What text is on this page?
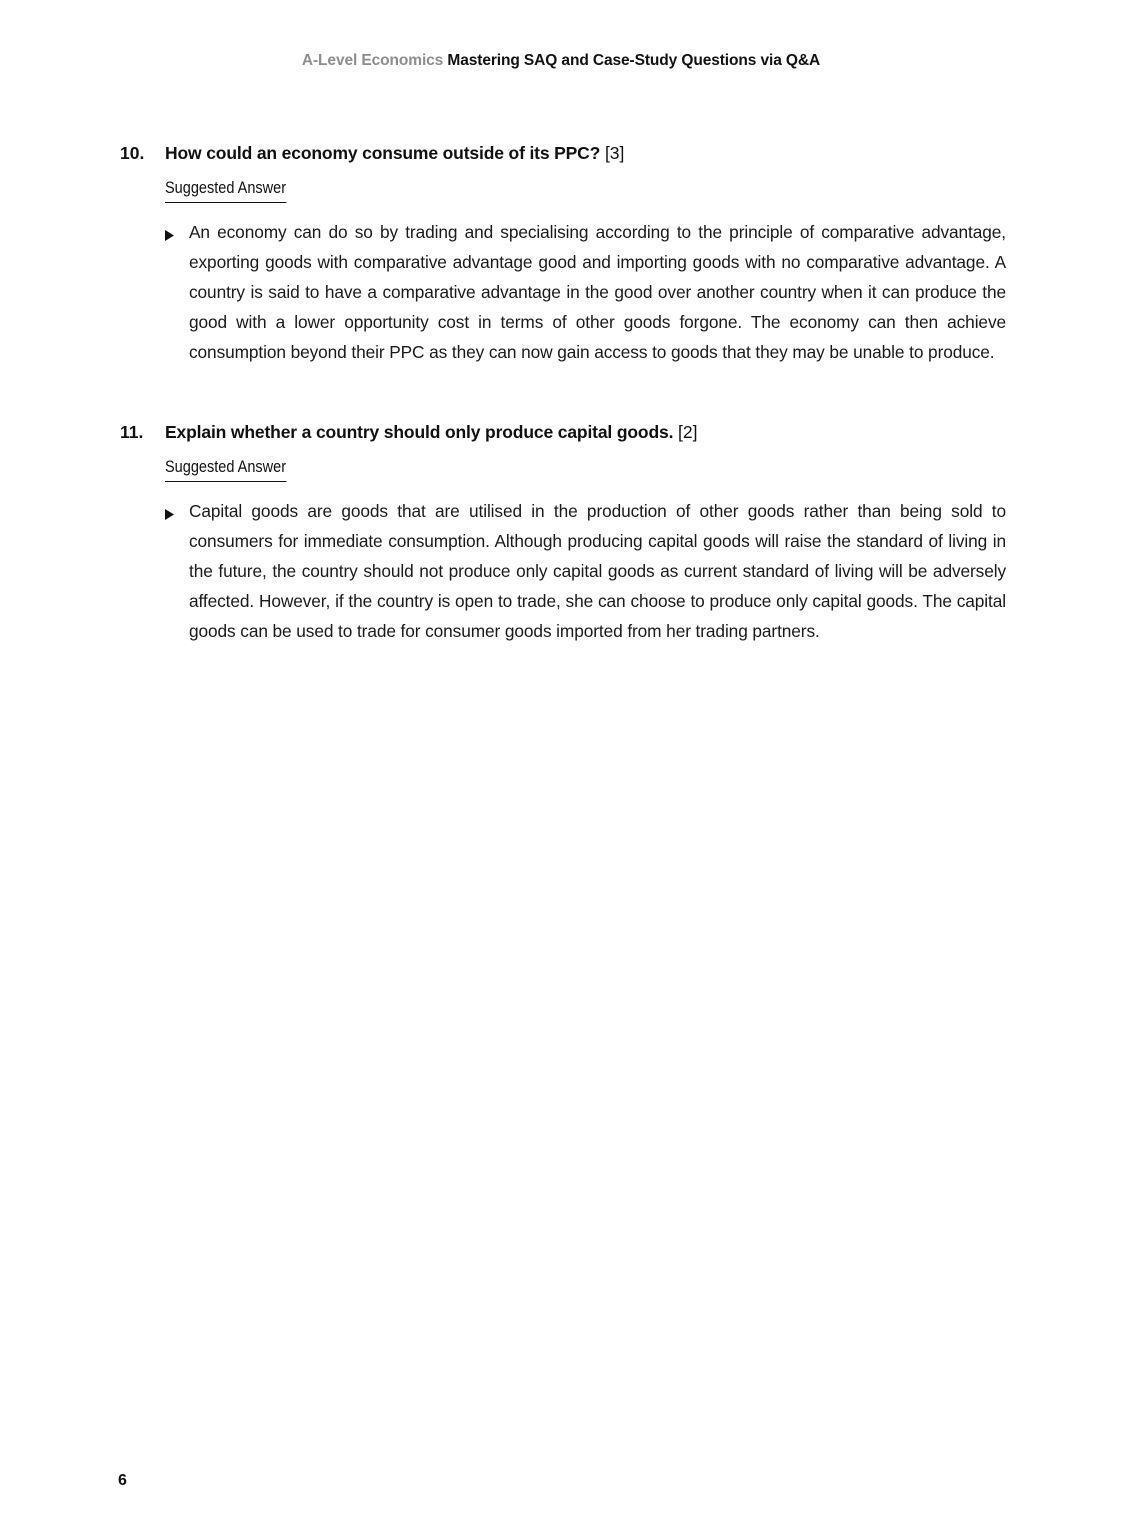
A-Level Economics Mastering SAQ and Case-Study Questions via Q&A
10.	How could an economy consume outside of its PPC? [3]
Suggested Answer
An economy can do so by trading and specialising according to the principle of comparative advantage, exporting goods with comparative advantage good and importing goods with no comparative advantage. A country is said to have a comparative advantage in the good over another country when it can produce the good with a lower opportunity cost in terms of other goods forgone. The economy can then achieve consumption beyond their PPC as they can now gain access to goods that they may be unable to produce.
11.	Explain whether a country should only produce capital goods. [2]
Suggested Answer
Capital goods are goods that are utilised in the production of other goods rather than being sold to consumers for immediate consumption. Although producing capital goods will raise the standard of living in the future, the country should not produce only capital goods as current standard of living will be adversely affected. However, if the country is open to trade, she can choose to produce only capital goods. The capital goods can be used to trade for consumer goods imported from her trading partners.
6
